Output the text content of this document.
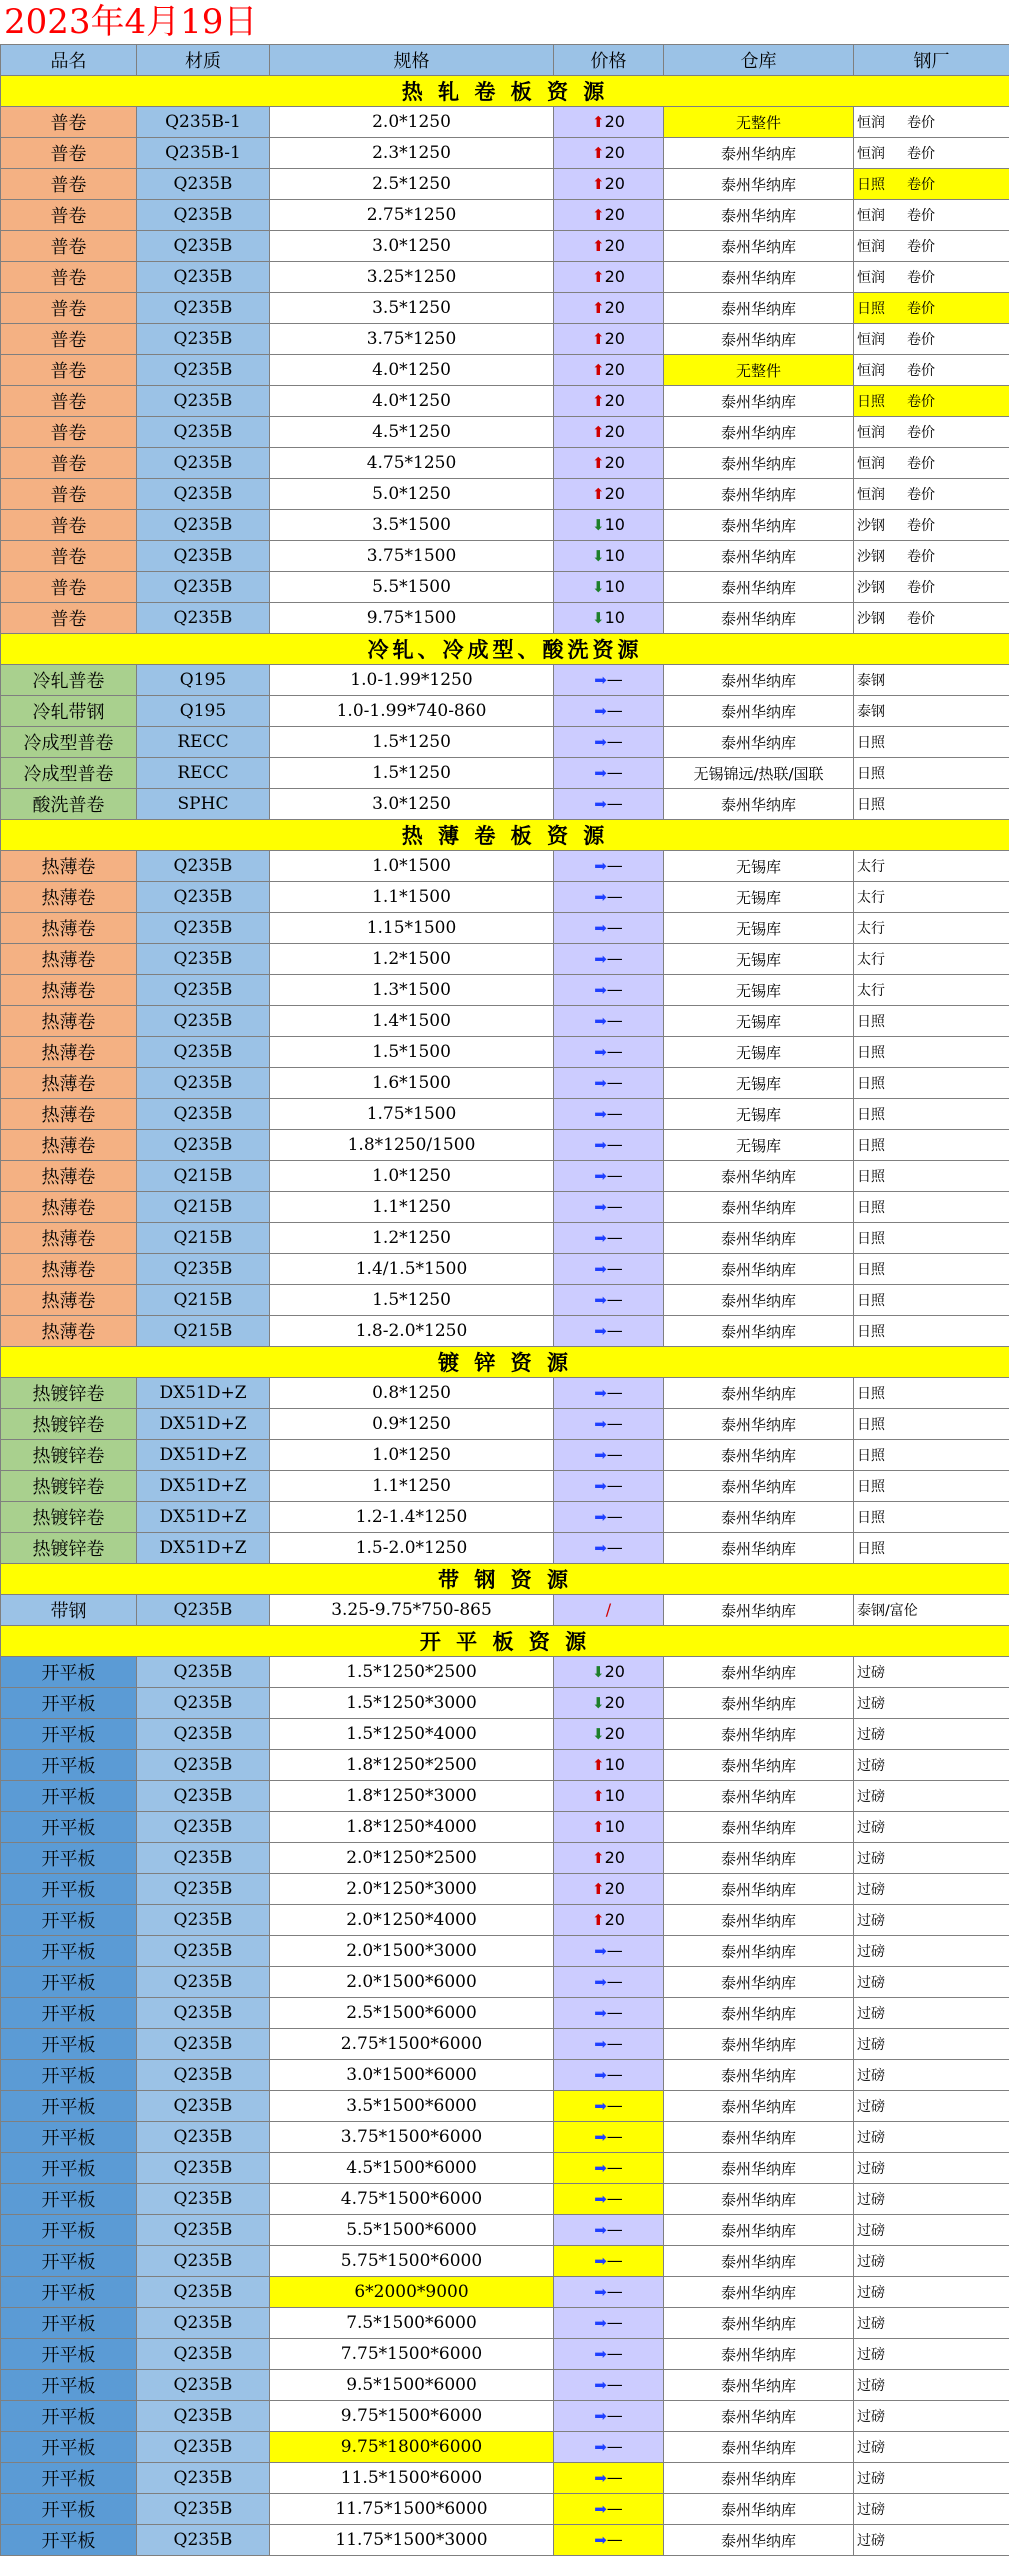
2023年4月19日
品名	材质	规格	价格	仓库	钢厂
热 轧 卷 板 资 源					
普卷	Q235B-1	2.0*1250	⬆20	无整件	恒润 卷价
普卷	Q235B-1	2.3*1250	⬆20	泰州华纳库	恒润 卷价
普卷	Q235B	2.5*1250	⬆20	泰州华纳库	日照 卷价
普卷	Q235B	2.75*1250	⬆20	泰州华纳库	恒润 卷价
普卷	Q235B	3.0*1250	⬆20	泰州华纳库	恒润 卷价
普卷	Q235B	3.25*1250	⬆20	泰州华纳库	恒润 卷价
普卷	Q235B	3.5*1250	⬆20	泰州华纳库	日照 卷价
普卷	Q235B	3.75*1250	⬆20	泰州华纳库	恒润 卷价
普卷	Q235B	4.0*1250	⬆20	无整件	恒润 卷价
普卷	Q235B	4.0*1250	⬆20	泰州华纳库	日照 卷价
普卷	Q235B	4.5*1250	⬆20	泰州华纳库	恒润 卷价
普卷	Q235B	4.75*1250	⬆20	泰州华纳库	恒润 卷价
普卷	Q235B	5.0*1250	⬆20	泰州华纳库	恒润 卷价
普卷	Q235B	3.5*1500	⬇10	泰州华纳库	沙钢 卷价
普卷	Q235B	3.75*1500	⬇10	泰州华纳库	沙钢 卷价
普卷	Q235B	5.5*1500	⬇10	泰州华纳库	沙钢 卷价
普卷	Q235B	9.75*1500	⬇10	泰州华纳库	沙钢 卷价
冷轧、冷成型、酸洗资源					
冷轧普卷	Q195	1.0-1.99*1250	➡—	泰州华纳库	泰钢
冷轧带钢	Q195	1.0-1.99*740-860	➡—	泰州华纳库	泰钢
冷成型普卷	RECC	1.5*1250	➡—	泰州华纳库	日照
冷成型普卷	RECC	1.5*1250	➡—	无锡锦远/热联/国联	日照
酸洗普卷	SPHC	3.0*1250	➡—	泰州华纳库	日照
热 薄 卷 板 资 源					
热薄卷	Q235B	1.0*1500	➡—	无锡库	太行
热薄卷	Q235B	1.1*1500	➡—	无锡库	太行
热薄卷	Q235B	1.15*1500	➡—	无锡库	太行
热薄卷	Q235B	1.2*1500	➡—	无锡库	太行
热薄卷	Q235B	1.3*1500	➡—	无锡库	太行
热薄卷	Q235B	1.4*1500	➡—	无锡库	日照
热薄卷	Q235B	1.5*1500	➡—	无锡库	日照
热薄卷	Q235B	1.6*1500	➡—	无锡库	日照
热薄卷	Q235B	1.75*1500	➡—	无锡库	日照
热薄卷	Q235B	1.8*1250/1500	➡—	无锡库	日照
热薄卷	Q215B	1.0*1250	➡—	泰州华纳库	日照
热薄卷	Q215B	1.1*1250	➡—	泰州华纳库	日照
热薄卷	Q215B	1.2*1250	➡—	泰州华纳库	日照
热薄卷	Q235B	1.4/1.5*1500	➡—	泰州华纳库	日照
热薄卷	Q215B	1.5*1250	➡—	泰州华纳库	日照
热薄卷	Q215B	1.8-2.0*1250	➡—	泰州华纳库	日照
镀 锌 资 源					
热镀锌卷	DX51D+Z	0.8*1250	➡—	泰州华纳库	日照
热镀锌卷	DX51D+Z	0.9*1250	➡—	泰州华纳库	日照
热镀锌卷	DX51D+Z	1.0*1250	➡—	泰州华纳库	日照
热镀锌卷	DX51D+Z	1.1*1250	➡—	泰州华纳库	日照
热镀锌卷	DX51D+Z	1.2-1.4*1250	➡—	泰州华纳库	日照
热镀锌卷	DX51D+Z	1.5-2.0*1250	➡—	泰州华纳库	日照
带 钢 资 源					
带钢	Q235B	3.25-9.75*750-865	/	泰州华纳库	泰钢/富伦
开 平 板 资 源					
开平板	Q235B	1.5*1250*2500	⬇20	泰州华纳库	过磅
开平板	Q235B	1.5*1250*3000	⬇20	泰州华纳库	过磅
开平板	Q235B	1.5*1250*4000	⬇20	泰州华纳库	过磅
开平板	Q235B	1.8*1250*2500	⬆10	泰州华纳库	过磅
开平板	Q235B	1.8*1250*3000	⬆10	泰州华纳库	过磅
开平板	Q235B	1.8*1250*4000	⬆10	泰州华纳库	过磅
开平板	Q235B	2.0*1250*2500	⬆20	泰州华纳库	过磅
开平板	Q235B	2.0*1250*3000	⬆20	泰州华纳库	过磅
开平板	Q235B	2.0*1250*4000	⬆20	泰州华纳库	过磅
开平板	Q235B	2.0*1500*3000	➡—	泰州华纳库	过磅
开平板	Q235B	2.0*1500*6000	➡—	泰州华纳库	过磅
开平板	Q235B	2.5*1500*6000	➡—	泰州华纳库	过磅
开平板	Q235B	2.75*1500*6000	➡—	泰州华纳库	过磅
开平板	Q235B	3.0*1500*6000	➡—	泰州华纳库	过磅
开平板	Q235B	3.5*1500*6000	➡—	泰州华纳库	过磅
开平板	Q235B	3.75*1500*6000	➡—	泰州华纳库	过磅
开平板	Q235B	4.5*1500*6000	➡—	泰州华纳库	过磅
开平板	Q235B	4.75*1500*6000	➡—	泰州华纳库	过磅
开平板	Q235B	5.5*1500*6000	➡—	泰州华纳库	过磅
开平板	Q235B	5.75*1500*6000	➡—	泰州华纳库	过磅
开平板	Q235B	6*2000*9000	➡—	泰州华纳库	过磅
开平板	Q235B	7.5*1500*6000	➡—	泰州华纳库	过磅
开平板	Q235B	7.75*1500*6000	➡—	泰州华纳库	过磅
开平板	Q235B	9.5*1500*6000	➡—	泰州华纳库	过磅
开平板	Q235B	9.75*1500*6000	➡—	泰州华纳库	过磅
开平板	Q235B	9.75*1800*6000	➡—	泰州华纳库	过磅
开平板	Q235B	11.5*1500*6000	➡—	泰州华纳库	过磅
开平板	Q235B	11.75*1500*6000	➡—	泰州华纳库	过磅
开平板	Q235B	11.75*1500*3000	➡—	泰州华纳库	过磅
